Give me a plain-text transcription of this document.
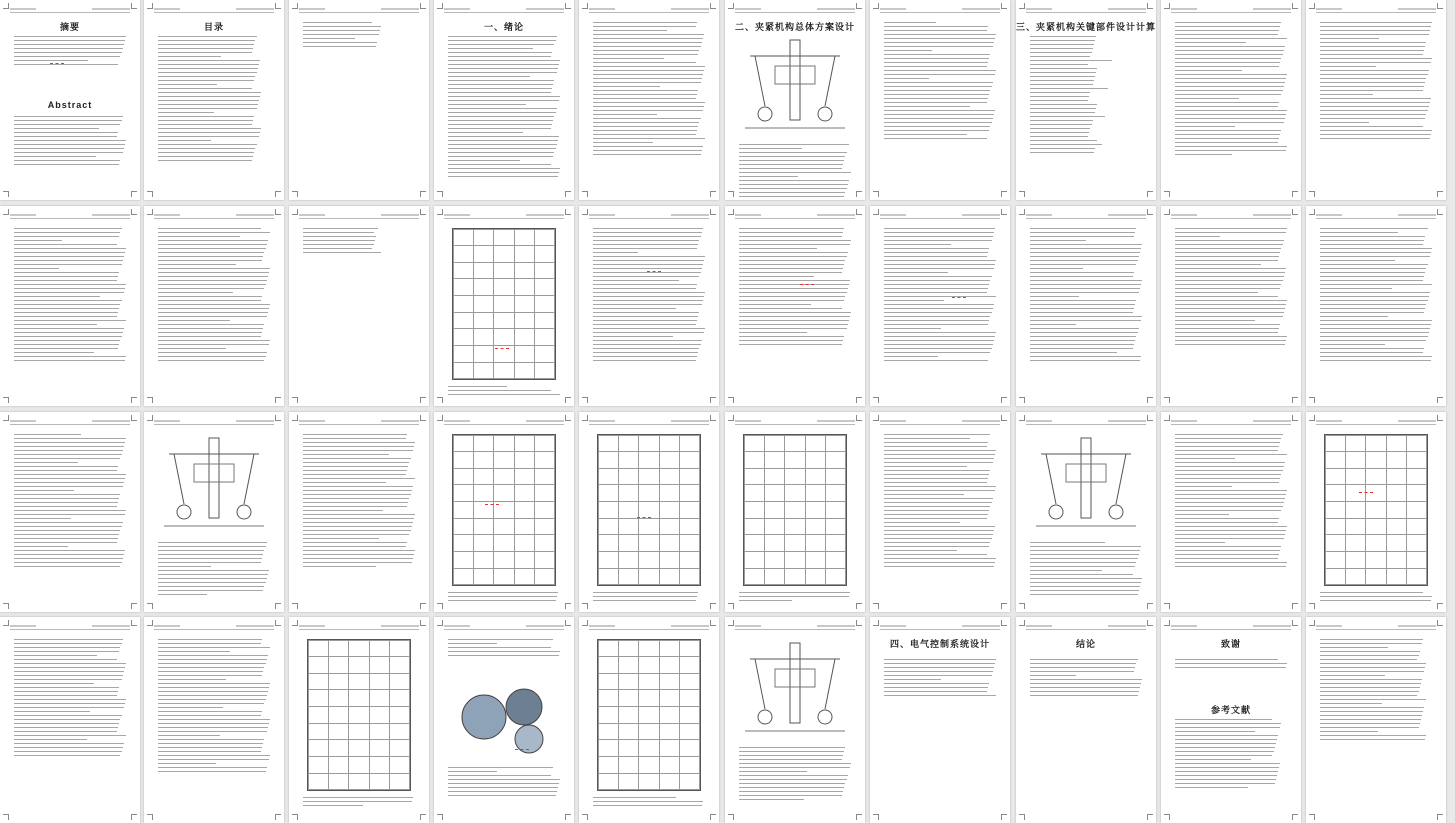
摘要
Abstract
目录	一、绪论	二、夹紧机构总体方案设计	三、夹紧机构关键部件设计计算
四、电气控制系统设计	结论	致谢
参考文献
